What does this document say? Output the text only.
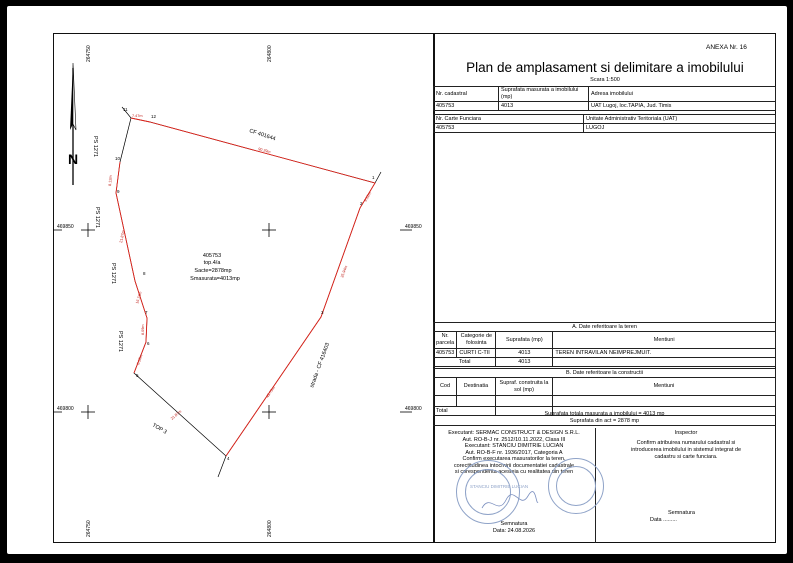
264750	264800
264750	264800
469850	469850
469800	469800
N
11
12
1
10
9
8
7
6
5
4
3
2
7.47m
90.29m
9.52m
35.94m
45.73m
21.87m
8.12m
21.87m
16.73m
8.09m
6.28m
CF 401644
strada - CF 416403
PS 1271
PS 1271
PS 1271
PS 1271
TOP 3
405753
top.4/a
Sacte=2878mp
Smasurata=4013mp
ANEXA Nr. 16
Plan de amplasament si delimitare a imobilului
Scara 1:500
Nr. cadastral	Suprafata masurata a imobilului (mp)	Adresa imobilului
405753	4013	UAT Lugoj, loc.TAPIA, Jud. Timis
Nr. Carte Funciara	Unitate Administrativ Teritoriala (UAT)
405753	LUGOJ
A. Date referitoare la teren			
Nr. parcela	Categorie de folosinta	Suprafata (mp)	Mentiuni
405753	CURTI C-TII	4013	TEREN INTRAVILAN NEIMPREJMUIT.
Total		4013	
B. Date referitoare la constructii			
Cod	Destinatia	Supraf. construita la sol (mp)	Mentiuni

Total			
Suprafata totala masurata a imobilului = 4013 mp
Suprafata din act = 2878 mp
Executant: SERMAC CONSTRUCT & DESIGN S.R.L.
Aut. RO-B-J nr. 2512/10.11.2022, Clasa III
Executant: STANCIU DIMITRIE LUCIAN
Aut. RO-B-F nr. 1936/2017, Categoria A
Confirm executarea masuratorilor la teren,
corectitudinea intocmirii documentatiei cadastrale
si corespondenta acesteia cu realitatea din teren
Semnatura
Data: 24.08.2026
Inspector
Confirm atribuirea numarului cadastral si
introducerea imobilului in sistemul integrat de
cadastru si carte funciara.
Semnatura
Data .........
STANCIU DIMITRIE LUCIAN
